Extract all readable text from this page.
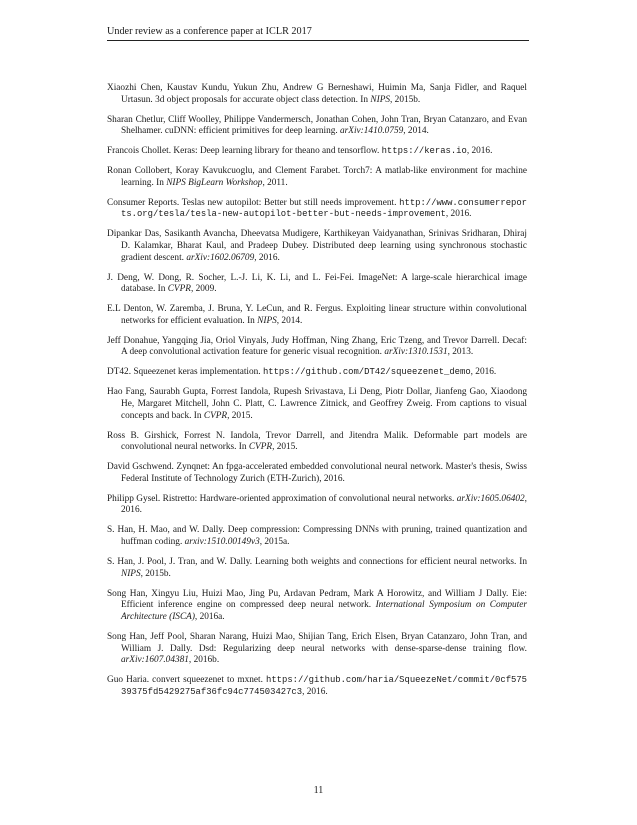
Under review as a conference paper at ICLR 2017
Xiaozhi Chen, Kaustav Kundu, Yukun Zhu, Andrew G Berneshawi, Huimin Ma, Sanja Fidler, and Raquel Urtasun. 3d object proposals for accurate object class detection. In NIPS, 2015b.
Sharan Chetlur, Cliff Woolley, Philippe Vandermersch, Jonathan Cohen, John Tran, Bryan Catanzaro, and Evan Shelhamer. cuDNN: efficient primitives for deep learning. arXiv:1410.0759, 2014.
Francois Chollet. Keras: Deep learning library for theano and tensorflow. https://keras.io, 2016.
Ronan Collobert, Koray Kavukcuoglu, and Clement Farabet. Torch7: A matlab-like environment for machine learning. In NIPS BigLearn Workshop, 2011.
Consumer Reports. Teslas new autopilot: Better but still needs improvement. http://www.consumerreports.org/tesla/tesla-new-autopilot-better-but-needs-improvement, 2016.
Dipankar Das, Sasikanth Avancha, Dheevatsa Mudigere, Karthikeyan Vaidyanathan, Srinivas Sridharan, Dhiraj D. Kalamkar, Bharat Kaul, and Pradeep Dubey. Distributed deep learning using synchronous stochastic gradient descent. arXiv:1602.06709, 2016.
J. Deng, W. Dong, R. Socher, L.-J. Li, K. Li, and L. Fei-Fei. ImageNet: A large-scale hierarchical image database. In CVPR, 2009.
E.L Denton, W. Zaremba, J. Bruna, Y. LeCun, and R. Fergus. Exploiting linear structure within convolutional networks for efficient evaluation. In NIPS, 2014.
Jeff Donahue, Yangqing Jia, Oriol Vinyals, Judy Hoffman, Ning Zhang, Eric Tzeng, and Trevor Darrell. Decaf: A deep convolutional activation feature for generic visual recognition. arXiv:1310.1531, 2013.
DT42. Squeezenet keras implementation. https://github.com/DT42/squeezenet_demo, 2016.
Hao Fang, Saurabh Gupta, Forrest Iandola, Rupesh Srivastava, Li Deng, Piotr Dollar, Jianfeng Gao, Xiaodong He, Margaret Mitchell, John C. Platt, C. Lawrence Zitnick, and Geoffrey Zweig. From captions to visual concepts and back. In CVPR, 2015.
Ross B. Girshick, Forrest N. Iandola, Trevor Darrell, and Jitendra Malik. Deformable part models are convolutional neural networks. In CVPR, 2015.
David Gschwend. Zynqnet: An fpga-accelerated embedded convolutional neural network. Master's thesis, Swiss Federal Institute of Technology Zurich (ETH-Zurich), 2016.
Philipp Gysel. Ristretto: Hardware-oriented approximation of convolutional neural networks. arXiv:1605.06402, 2016.
S. Han, H. Mao, and W. Dally. Deep compression: Compressing DNNs with pruning, trained quantization and huffman coding. arxiv:1510.00149v3, 2015a.
S. Han, J. Pool, J. Tran, and W. Dally. Learning both weights and connections for efficient neural networks. In NIPS, 2015b.
Song Han, Xingyu Liu, Huizi Mao, Jing Pu, Ardavan Pedram, Mark A Horowitz, and William J Dally. Eie: Efficient inference engine on compressed deep neural network. International Symposium on Computer Architecture (ISCA), 2016a.
Song Han, Jeff Pool, Sharan Narang, Huizi Mao, Shijian Tang, Erich Elsen, Bryan Catanzaro, John Tran, and William J. Dally. Dsd: Regularizing deep neural networks with dense-sparse-dense training flow. arXiv:1607.04381, 2016b.
Guo Haria. convert squeezenet to mxnet. https://github.com/haria/SqueezeNet/commit/0cf57539375fd5429275af36fc94c774503427c3, 2016.
11
